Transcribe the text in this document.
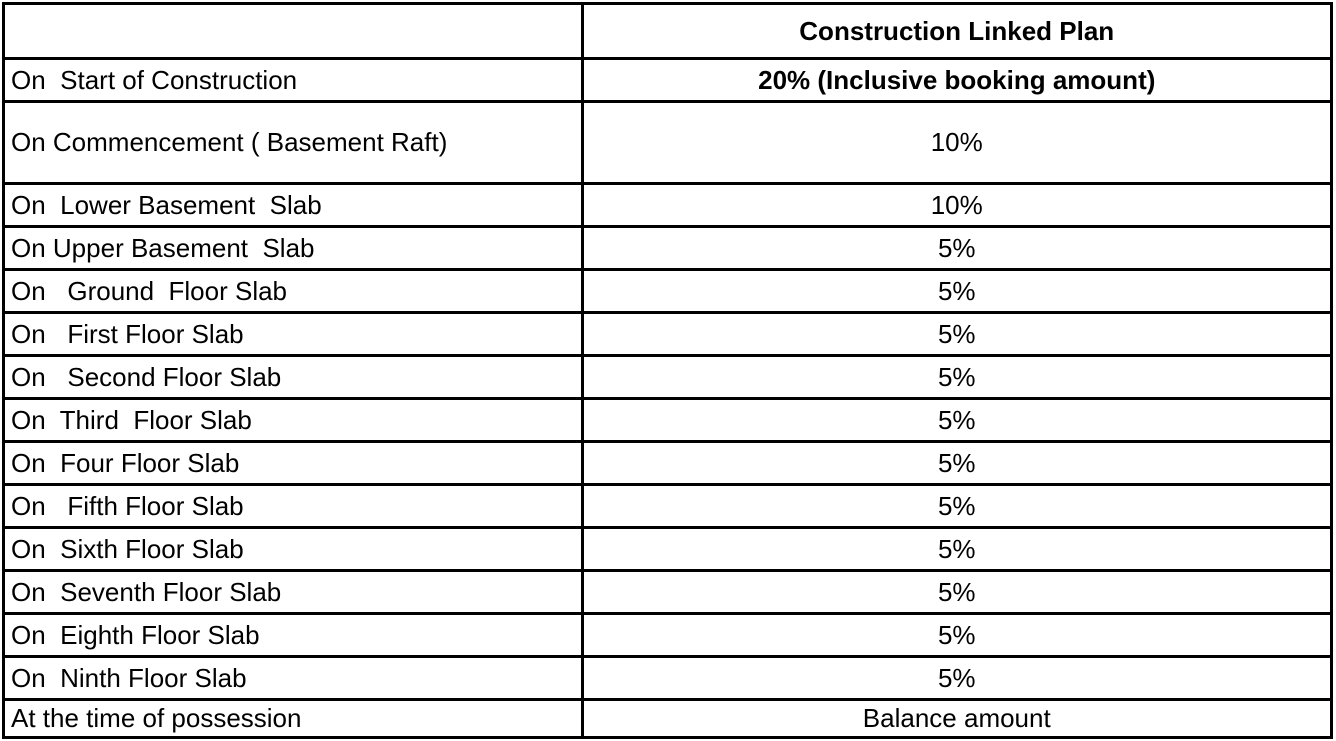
	Construction Linked Plan
On  Start of Construction	20% (Inclusive booking amount)
On Commencement ( Basement Raft)	10%
On  Lower Basement  Slab	10%
On Upper Basement  Slab	5%
On   Ground  Floor Slab	5%
On   First Floor Slab	5%
On   Second Floor Slab	5%
On  Third  Floor Slab	5%
On  Four Floor Slab	5%
On   Fifth Floor Slab	5%
On  Sixth Floor Slab	5%
On  Seventh Floor Slab	5%
On  Eighth Floor Slab	5%
On  Ninth Floor Slab	5%
At the time of possession	Balance amount
